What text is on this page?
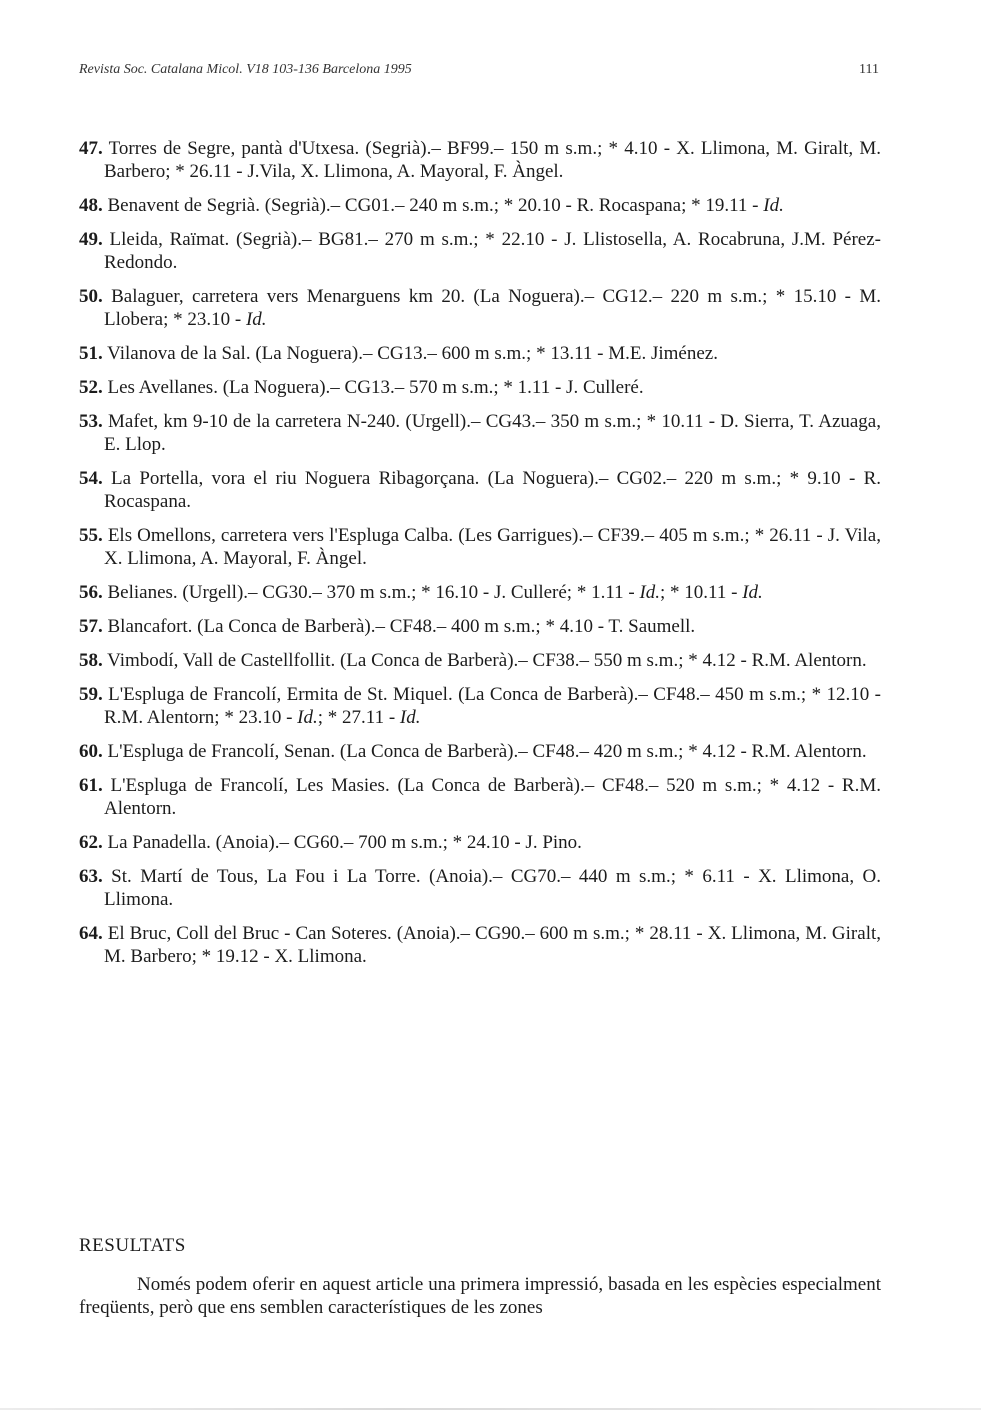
Revista Soc. Catalana Micol. V18 103-136 Barcelona 1995	111

47. Torres de Segre, pantà d'Utxesa. (Segrià).– BF99.– 150 m s.m.; * 4.10 - X. Llimona, M. Giralt, M. Barbero; * 26.11 - J.Vila, X. Llimona, A. Mayoral, F. Àngel.

48. Benavent de Segrià. (Segrià).– CG01.– 240 m s.m.; * 20.10 - R. Rocaspana; * 19.11 - Id.

49. Lleida, Raïmat. (Segrià).– BG81.– 270 m s.m.; * 22.10 - J. Llistosella, A. Rocabruna, J.M. Pérez-Redondo.

50. Balaguer, carretera vers Menarguens km 20. (La Noguera).– CG12.– 220 m s.m.; * 15.10 - M. Llobera; * 23.10 - Id.

51. Vilanova de la Sal. (La Noguera).– CG13.– 600 m s.m.; * 13.11 - M.E. Jiménez.

52. Les Avellanes. (La Noguera).– CG13.– 570 m s.m.; * 1.11 - J. Culleré.

53. Mafet, km 9-10 de la carretera N-240. (Urgell).– CG43.– 350 m s.m.; * 10.11 - D. Sierra, T. Azuaga, E. Llop.

54. La Portella, vora el riu Noguera Ribagorçana. (La Noguera).– CG02.– 220 m s.m.; * 9.10 - R. Rocaspana.

55. Els Omellons, carretera vers l'Espluga Calba. (Les Garrigues).– CF39.– 405 m s.m.; * 26.11 - J. Vila, X. Llimona, A. Mayoral, F. Àngel.

56. Belianes. (Urgell).– CG30.– 370 m s.m.; * 16.10 - J. Culleré; * 1.11 - Id.; * 10.11 - Id.

57. Blancafort. (La Conca de Barberà).– CF48.– 400 m s.m.; * 4.10 - T. Saumell.

58. Vimbodí, Vall de Castellfollit. (La Conca de Barberà).– CF38.– 550 m s.m.; * 4.12 - R.M. Alentorn.

59. L'Espluga de Francolí, Ermita de St. Miquel. (La Conca de Barberà).– CF48.– 450 m s.m.; * 12.10 - R.M. Alentorn; * 23.10 - Id.; * 27.11 - Id.

60. L'Espluga de Francolí, Senan. (La Conca de Barberà).– CF48.– 420 m s.m.; * 4.12 - R.M. Alentorn.

61. L'Espluga de Francolí, Les Masies. (La Conca de Barberà).– CF48.– 520 m s.m.; * 4.12 - R.M. Alentorn.

62. La Panadella. (Anoia).– CG60.– 700 m s.m.; * 24.10 - J. Pino.

63. St. Martí de Tous, La Fou i La Torre. (Anoia).– CG70.– 440 m s.m.; * 6.11 - X. Llimona, O. Llimona.

64. El Bruc, Coll del Bruc - Can Soteres. (Anoia).– CG90.– 600 m s.m.; * 28.11 - X. Llimona, M. Giralt, M. Barbero; * 19.12 - X. Llimona.

RESULTATS

Només podem oferir en aquest article una primera impressió, basada en les espècies especialment freqüents, però que ens semblen característiques de les zones
